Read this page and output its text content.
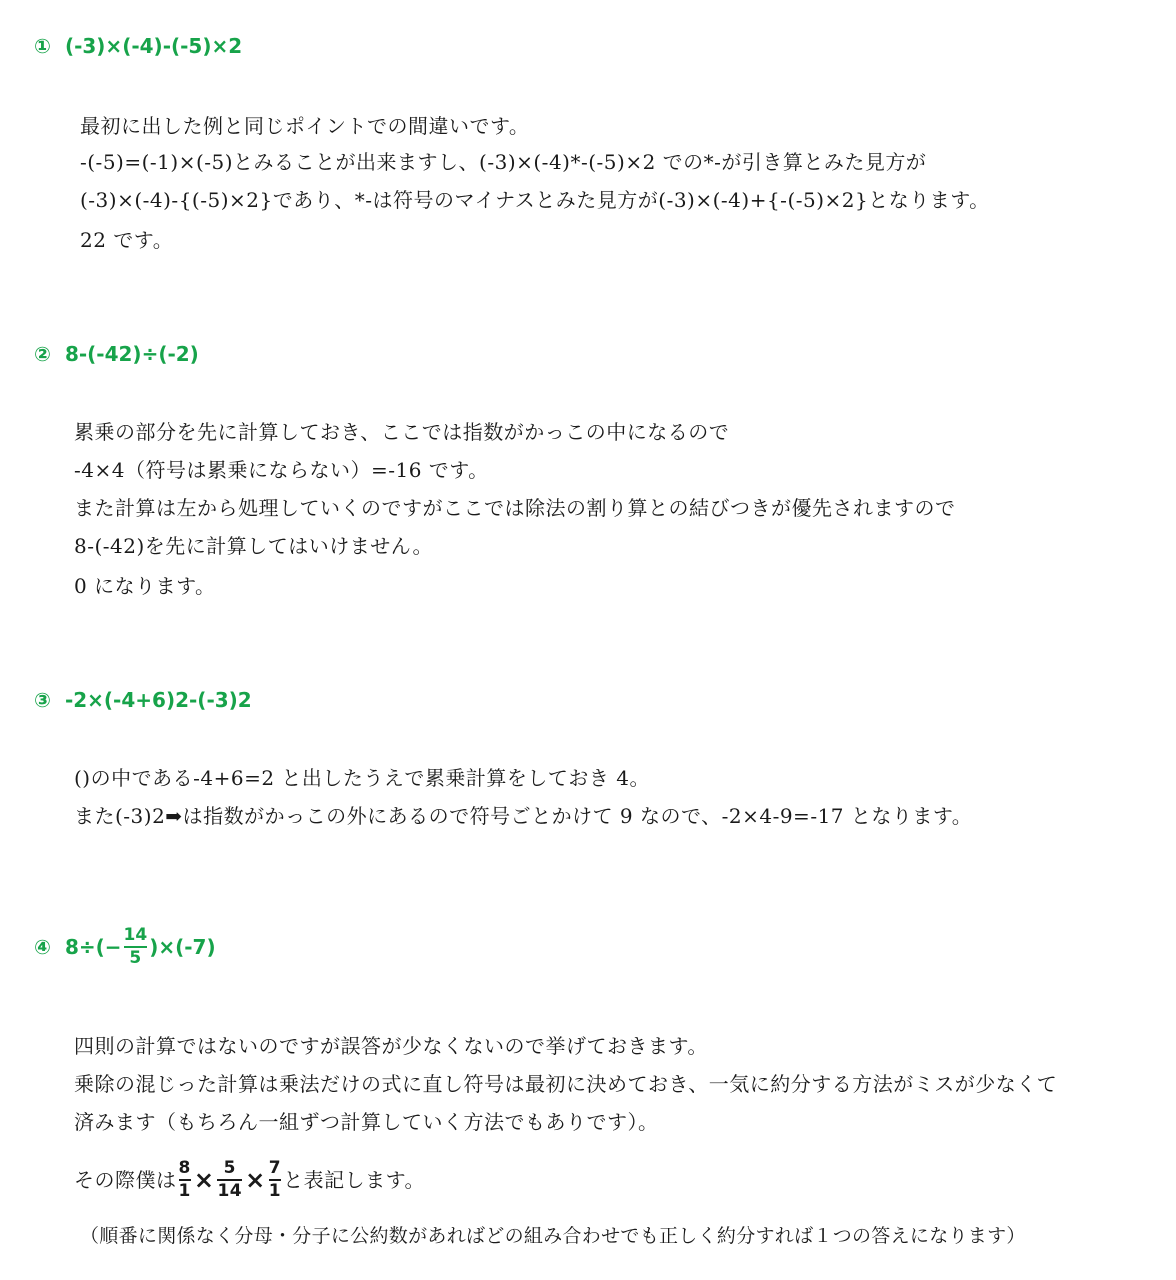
① (-3)×(-4)-(-5)×2
最初に出した例と同じポイントでの間違いです。
-(-5)=(-1)×(-5)とみることが出来ますし、(-3)×(-4)*-(-5)×2 での*-が引き算とみた見方が
(-3)×(-4)-{(-5)×2}であり、*-は符号のマイナスとみた見方が(-3)×(-4)+{-(-5)×2}となります。
22 です。
② 8-(-42)÷(-2)
累乗の部分を先に計算しておき、ここでは指数がかっこの中になるので
-4×4（符号は累乗にならない）=-16 です。
また計算は左から処理していくのですがここでは除法の割り算との結びつきが優先されますので
8-(-42)を先に計算してはいけません。
0 になります。
③ -2×(-4+6)2-(-3)2
()の中である-4+6=2 と出したうえで累乗計算をしておき 4。
また(-3)2➡は指数がかっこの外にあるので符号ごとかけて 9 なので、-2×4-9=-17 となります。
④ $8\div(- \frac{14}{5} )\times(-7)$
四則の計算ではないのですが誤答が少なくないので挙げておきます。
乗除の混じった計算は乗法だけの式に直し符号は最初に決めておき、一気に約分する方法がミスが少なくて
済みます（もちろん一組ずつ計算していく方法でもありです）。
その際僕は $\frac{8}{1} \times \frac{5}{14} \times \frac{7}{1}$ と表記します。
（順番に関係なく分母・分子に公約数があればどの組み合わせでも正しく約分すれば１つの答えになります）
